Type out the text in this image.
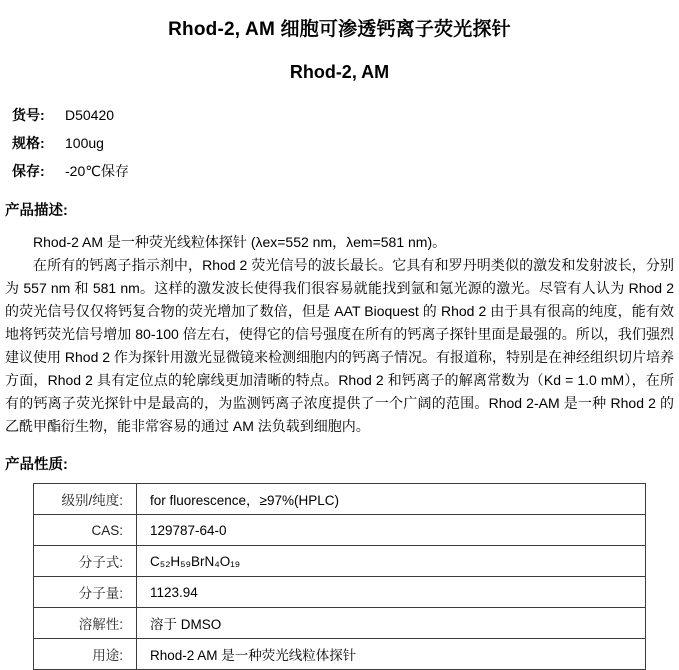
Rhod-2, AM 细胞可渗透钙离子荧光探针
Rhod-2, AM
货号:	D50420
规格:	100ug
保存:	-20℃保存
产品描述:

Rhod-2 AM 是一种荧光线粒体探针 (λex=552 nm，λem=581 nm)。

在所有的钙离子指示剂中，Rhod 2 荧光信号的波长最长。它具有和罗丹明类似的激发和发射波长，分别为 557 nm 和 581 nm。这样的激发波长使得我们很容易就能找到氩和氪光源的激光。尽管有人认为 Rhod 2 的荧光信号仅仅将钙复合物的荧光增加了数倍，但是 AAT Bioquest 的 Rhod 2 由于具有很高的纯度，能有效地将钙荧光信号增加 80-100 倍左右，使得它的信号强度在所有的钙离子探针里面是最强的。所以，我们强烈建议使用 Rhod 2 作为探针用激光显微镜来检测细胞内的钙离子情况。有报道称，特别是在神经组织切片培养方面，Rhod 2 具有定位点的轮廓线更加清晰的特点。Rhod 2 和钙离子的解离常数为（Kd = 1.0 mM），在所有的钙离子荧光探针中是最高的，为监测钙离子浓度提供了一个广阔的范围。Rhod 2-AM 是一种 Rhod 2 的乙酰甲酯衍生物，能非常容易的通过 AM 法负载到细胞内。

产品性质:
级别/纯度:	for fluorescence，≥97%(HPLC)
CAS:	129787-64-0
分子式:	C₅₂H₅₉BrN₄O₁₉
分子量:	1123.94
溶解性:	溶于 DMSO
用途:	Rhod-2 AM 是一种荧光线粒体探针
